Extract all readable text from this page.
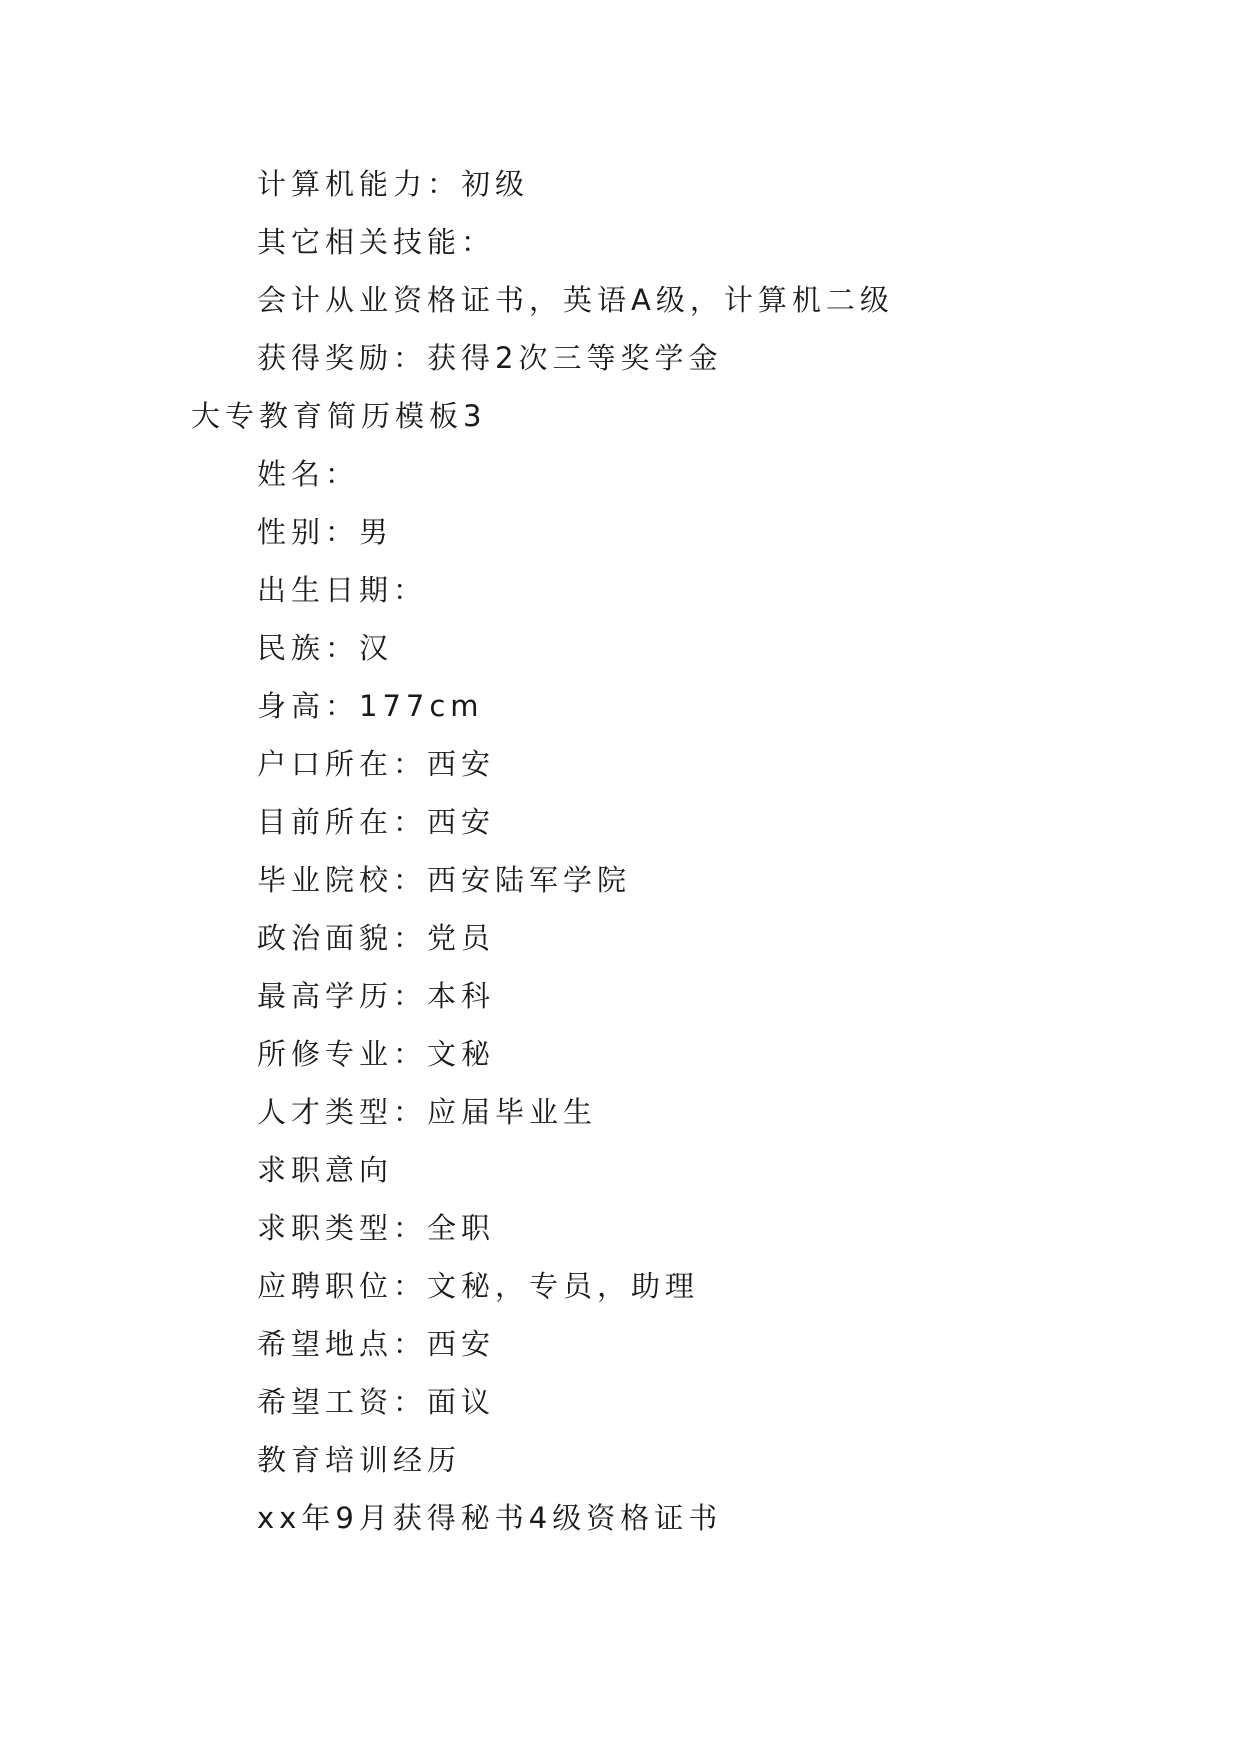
计算机能力：初级
其它相关技能：
会计从业资格证书，英语A级，计算机二级
获得奖励：获得2次三等奖学金
大专教育简历模板3
姓名：
性别：男
出生日期：
民族：汉
身高：177cm
户口所在：西安
目前所在：西安
毕业院校：西安陆军学院
政治面貌：党员
最高学历：本科
所修专业：文秘
人才类型：应届毕业生
求职意向
求职类型：全职
应聘职位：文秘，专员，助理
希望地点：西安
希望工资：面议
教育培训经历
xx年9月获得秘书4级资格证书
